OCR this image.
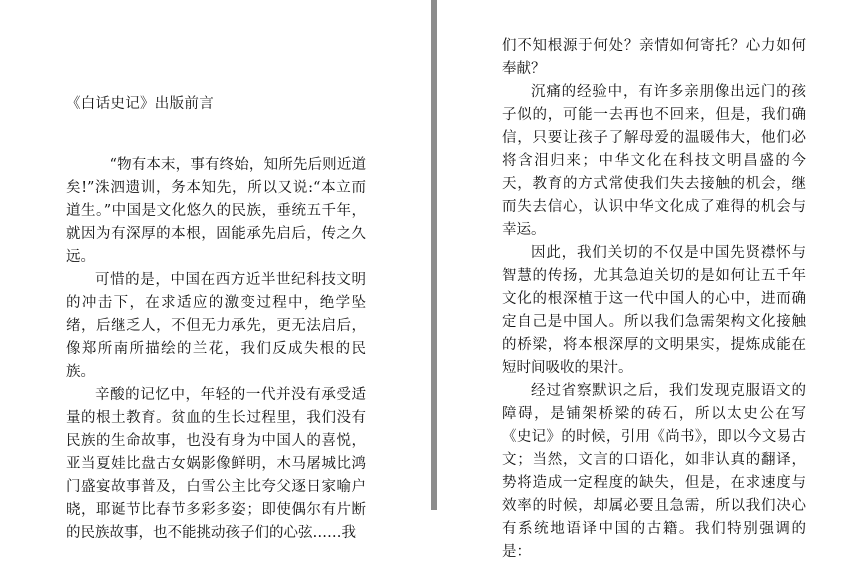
《白话史记》出版前言

“物有本末，事有终始，知所先后则近道矣!”洙泗遗训，务本知先，所以又说:“本立而道生。”中国是文化悠久的民族，垂统五千年，就因为有深厚的本根，固能承先启后，传之久远。

可惜的是，中国在西方近半世纪科技文明的冲击下，在求适应的激变过程中，绝学坠绪，后继乏人，不但无力承先，更无法启后，像郑所南所描绘的兰花，我们反成失根的民族。

辛酸的记忆中，年轻的一代并没有承受适量的根土教育。贫血的生长过程里，我们没有民族的生命故事，也没有身为中国人的喜悦，亚当夏娃比盘古女娲影像鲜明，木马屠城比鸿门盛宴故事普及，白雪公主比夸父逐日家喻户晓，耶诞节比春节多彩多姿；即使偶尔有片断的民族故事，也不能挑动孩子们的心弦……我

们不知根源于何处？亲情如何寄托？心力如何奉献？

沉痛的经验中，有许多亲朋像出远门的孩子似的，可能一去再也不回来，但是，我们确信，只要让孩子了解母爱的温暖伟大，他们必将含泪归来；中华文化在科技文明昌盛的今天，教育的方式常使我们失去接触的机会，继而失去信心，认识中华文化成了难得的机会与幸运。

因此，我们关切的不仅是中国先贤襟怀与智慧的传扬，尤其急迫关切的是如何让五千年文化的根深植于这一代中国人的心中，进而确定自己是中国人。所以我们急需架构文化接触的桥梁，将本根深厚的文明果实，提炼成能在短时间吸收的果汁。

经过省察默识之后，我们发现克服语文的障碍，是铺架桥梁的砖石，所以太史公在写《史记》的时候，引用《尚书》，即以今文易古文；当然，文言的口语化，如非认真的翻译，势将造成一定程度的缺失，但是，在求速度与效率的时候，却属必要且急需，所以我们决心有系统地语译中国的古籍。我们特别强调的是：
